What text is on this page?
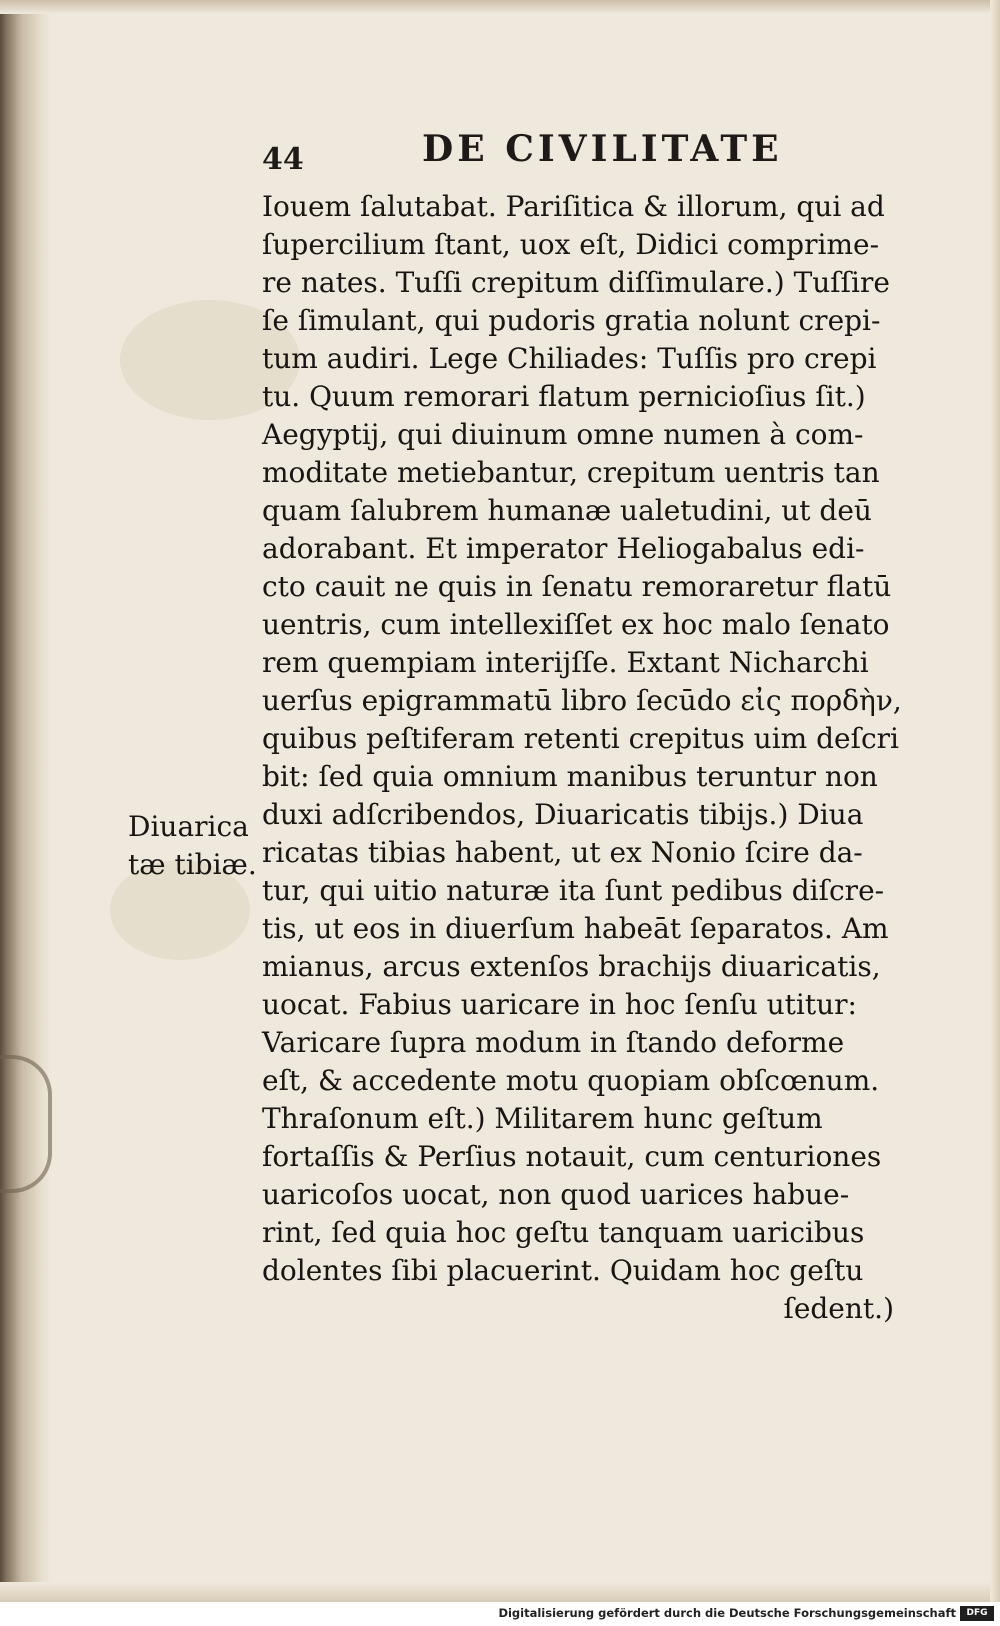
44	DE CIVILITATE
Diuarica
tæ tibiæ.
Iouem ſalutabat. Pariſitica & illorum, qui ad
ſupercilium ſtant, uox eſt, Didici comprime-
re nates. Tuſſi crepitum diſſimulare.) Tuſſire
ſe ſimulant, qui pudoris gratia nolunt crepi-
tum audiri. Lege Chiliades: Tuſſis pro crepi
tu. Quum remorari flatum pernicioſius ſit.)
Aegyptij, qui diuinum omne numen à com-
moditate metiebantur, crepitum uentris tan
quam ſalubrem humanæ ualetudini, ut deū
adorabant. Et imperator Heliogabalus edi-
cto cauit ne quis in ſenatu remoraretur flatū
uentris, cum intellexiſſet ex hoc malo ſenato
rem quempiam interijſſe. Extant Nicharchi
uerſus epigrammatū libro ſecūdo εἰς πορδὴν,
quibus peſtiferam retenti crepitus uim deſcri
bit: ſed quia omnium manibus teruntur non
duxi adſcribendos, Diuaricatis tibijs.) Diua
ricatas tibias habent, ut ex Nonio ſcire da-
tur, qui uitio naturæ ita ſunt pedibus diſcre-
tis, ut eos in diuerſum habeāt ſeparatos. Am
mianus, arcus extenſos brachijs diuaricatis,
uocat. Fabius uaricare in hoc ſenſu utitur:
Varicare ſupra modum in ſtando deforme
eſt, & accedente motu quopiam obſcœnum.
Thraſonum eſt.) Militarem hunc geſtum
fortaſſis & Perſius notauit, cum centuriones
uaricoſos uocat, non quod uarices habue-
rint, ſed quia hoc geſtu tanquam uaricibus
dolentes ſibi placuerint. Quidam hoc geſtu
ſedent.)
Digitalisierung gefördert durch die Deutsche Forschungsgemeinschaft	DFG
